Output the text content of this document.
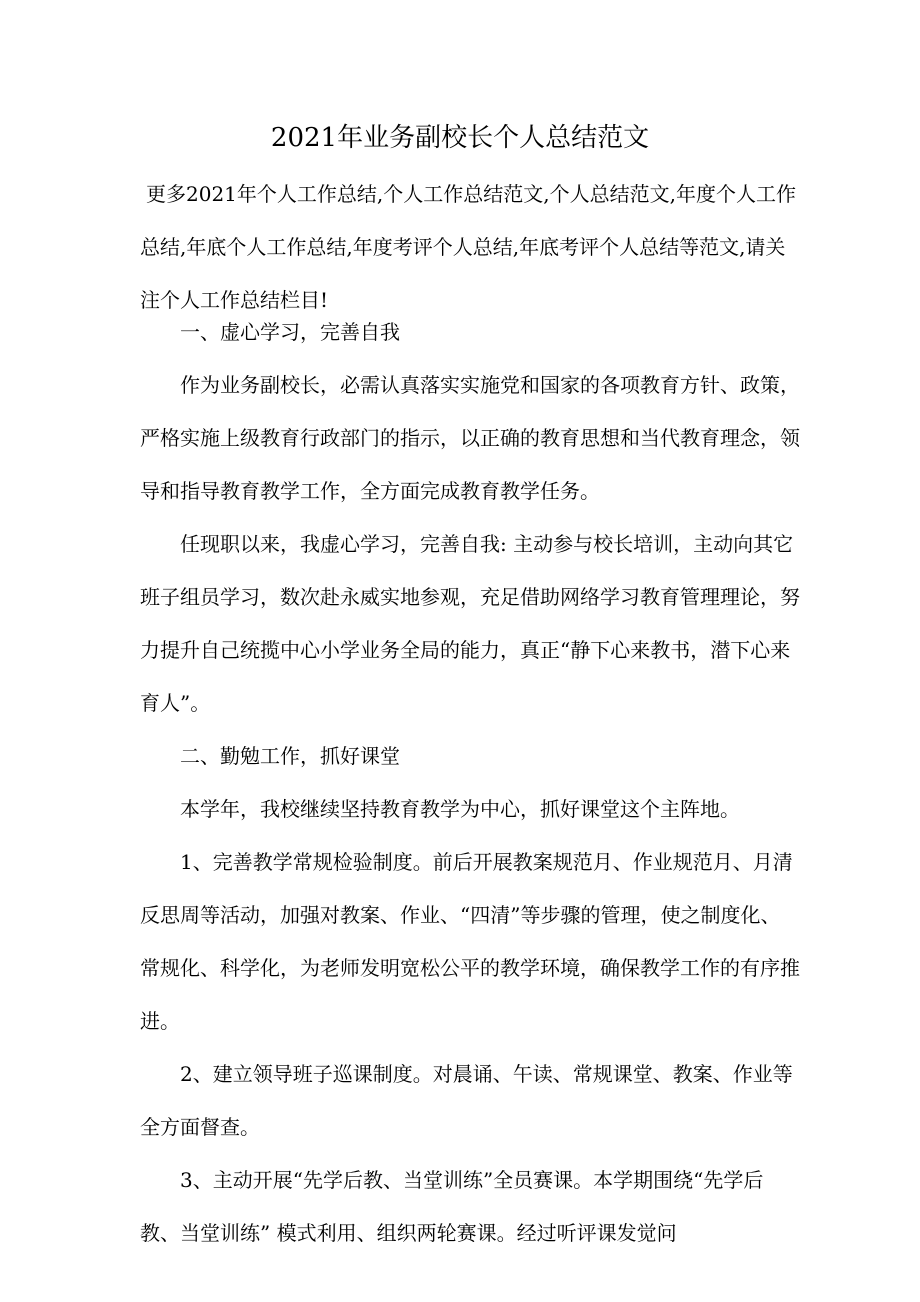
2021年业务副校长个人总结范文

更多2021年个人工作总结,个人工作总结范文,个人总结范文,年度个人工作总结,年底个人工作总结,年度考评个人总结,年底考评个人总结等范文,请关注个人工作总结栏目!

一、虚心学习，完善自我

作为业务副校长，必需认真落实实施党和国家的各项教育方针、政策，严格实施上级教育行政部门的指示，以正确的教育思想和当代教育理念，领导和指导教育教学工作，全方面完成教育教学任务。

任现职以来，我虚心学习，完善自我: 主动参与校长培训，主动向其它班子组员学习，数次赴永威实地参观，充足借助网络学习教育管理理论，努力提升自己统揽中心小学业务全局的能力，真正“静下心来教书，潜下心来育人”。

二、勤勉工作，抓好课堂

本学年，我校继续坚持教育教学为中心，抓好课堂这个主阵地。

1、完善教学常规检验制度。前后开展教案规范月、作业规范月、月清反思周等活动，加强对教案、作业、“四清”等步骤的管理，使之制度化、常规化、科学化，为老师发明宽松公平的教学环境，确保教学工作的有序推进。

2、建立领导班子巡课制度。对晨诵、午读、常规课堂、教案、作业等全方面督查。

3、主动开展“先学后教、当堂训练”全员赛课。本学期围绕“先学后教、当堂训练” 模式利用、组织两轮赛课。经过听评课发觉问
